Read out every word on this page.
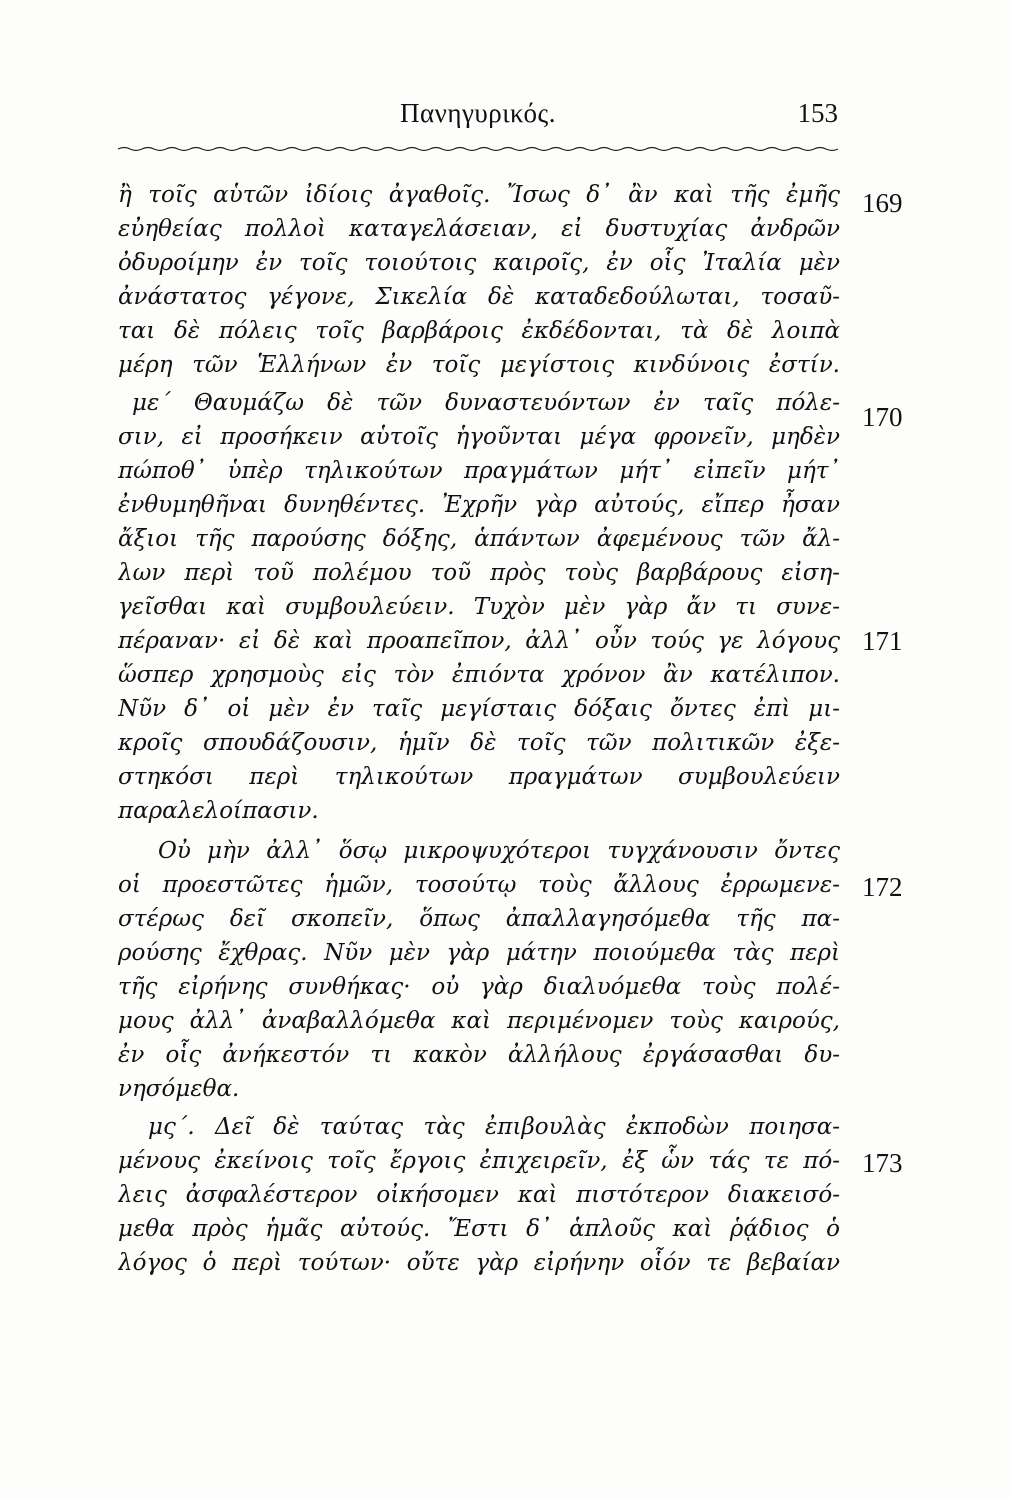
Πανηγυρικός.	153
ἢ τοῖς αὑτῶν ἰδίοις ἀγαθοῖς. Ἴσως δ᾽ ἂν καὶ τῆς ἐμῆς
εὐηθείας πολλοὶ καταγελάσειαν, εἰ δυστυχίας ἀνδρῶν
ὀδυροίμην ἐν τοῖς τοιούτοις καιροῖς, ἐν οἷς Ἰταλία μὲν
ἀνάστατος γέγονε, Σικελία δὲ καταδεδούλωται, τοσαῦ-
ται δὲ πόλεις τοῖς βαρβάροις ἐκδέδονται, τὰ δὲ λοιπὰ
μέρη τῶν Ἑλλήνων ἐν τοῖς μεγίστοις κινδύνοις ἐστίν.
με´ Θαυμάζω δὲ τῶν δυναστευόντων ἐν ταῖς πόλε-
σιν, εἰ προσήκειν αὑτοῖς ἡγοῦνται μέγα φρονεῖν, μηδὲν
πώποθ᾽ ὑπὲρ τηλικούτων πραγμάτων μήτ᾽ εἰπεῖν μήτ᾽
ἐνθυμηθῆναι δυνηθέντες. Ἐχρῆν γὰρ αὐτούς, εἴπερ ἦσαν
ἄξιοι τῆς παρούσης δόξης, ἁπάντων ἀφεμένους τῶν ἄλ-
λων περὶ τοῦ πολέμου τοῦ πρὸς τοὺς βαρβάρους εἰση-
γεῖσθαι καὶ συμβουλεύειν. Τυχὸν μὲν γὰρ ἄν τι συνε-
πέραναν· εἰ δὲ καὶ προαπεῖπον, ἀλλ᾽ οὖν τούς γε λόγους
ὥσπερ χρησμοὺς εἰς τὸν ἐπιόντα χρόνον ἂν κατέλιπον.
Νῦν δ᾽ οἱ μὲν ἐν ταῖς μεγίσταις δόξαις ὄντες ἐπὶ μι-
κροῖς σπουδάζουσιν, ἡμῖν δὲ τοῖς τῶν πολιτικῶν ἐξε-
στηκόσι περὶ τηλικούτων πραγμάτων συμβουλεύειν
παραλελοίπασιν.
Οὐ μὴν ἀλλ᾽ ὅσῳ μικροψυχότεροι τυγχάνουσιν ὄντες
οἱ προεστῶτες ἡμῶν, τοσούτῳ τοὺς ἄλλους ἐρρωμενε-
στέρως δεῖ σκοπεῖν, ὅπως ἀπαλλαγησόμεθα τῆς πα-
ρούσης ἔχθρας. Νῦν μὲν γὰρ μάτην ποιούμεθα τὰς περὶ
τῆς εἰρήνης συνθήκας· οὐ γὰρ διαλυόμεθα τοὺς πολέ-
μους ἀλλ᾽ ἀναβαλλόμεθα καὶ περιμένομεν τοὺς καιρούς,
ἐν οἷς ἀνήκεστόν τι κακὸν ἀλλήλους ἐργάσασθαι δυ-
νησόμεθα.
μς´. Δεῖ δὲ ταύτας τὰς ἐπιβουλὰς ἐκποδὼν ποιησα-
μένους ἐκείνοις τοῖς ἔργοις ἐπιχειρεῖν, ἐξ ὧν τάς τε πό-
λεις ἀσφαλέστερον οἰκήσομεν καὶ πιστότερον διακεισό-
μεθα πρὸς ἡμᾶς αὐτούς. Ἔστι δ᾽ ἁπλοῦς καὶ ῥᾴδιος ὁ
λόγος ὁ περὶ τούτων· οὔτε γὰρ εἰρήνην οἷόν τε βεβαίαν
169
170
171
172
173
